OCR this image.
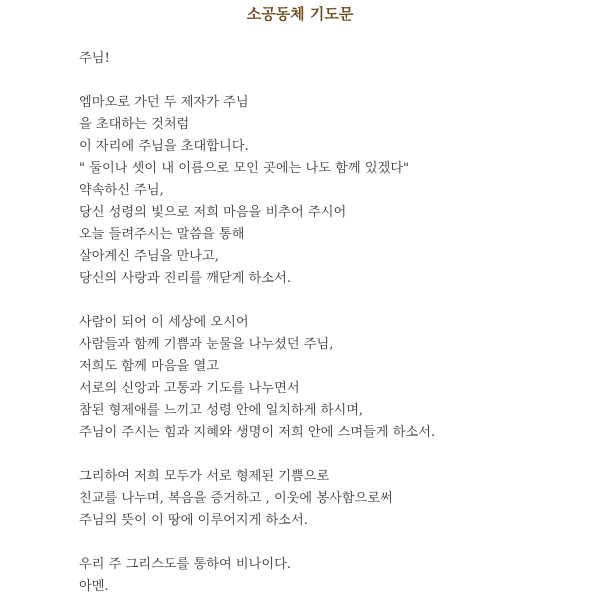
소공동체 기도문
주님!
엠마오로 가던 두 제자가 주님
을 초대하는 것처럼
이 자리에 주님을 초대합니다.
" 둘이나 셋이 내 이름으로 모인 곳에는 나도 함께 있겠다"
약속하신 주님,
당신 성령의 빛으로 저희 마음을 비추어 주시어
오늘 들려주시는 말씀을 통해
살아계신 주님을 만나고,
당신의 사랑과 진리를 깨닫게 하소서.
사람이 되어 이 세상에 오시어
사람들과 함께 기쁨과 눈물을 나누셨던 주님,
저희도 함께 마음을 열고
서로의 신앙과 고통과 기도를 나누면서
참된 형제애를 느끼고 성령 안에 일치하게 하시며,
주님이 주시는 힘과 지혜와 생명이 저희 안에 스며들게 하소서.
그리하여 저희 모두가 서로 형제된 기쁨으로
친교를 나누며, 복음을 증거하고 , 이웃에 봉사함으로써
주님의 뜻이 이 땅에 이루어지게 하소서.
우리 주 그리스도를 통하여 비나이다.
아멘.
